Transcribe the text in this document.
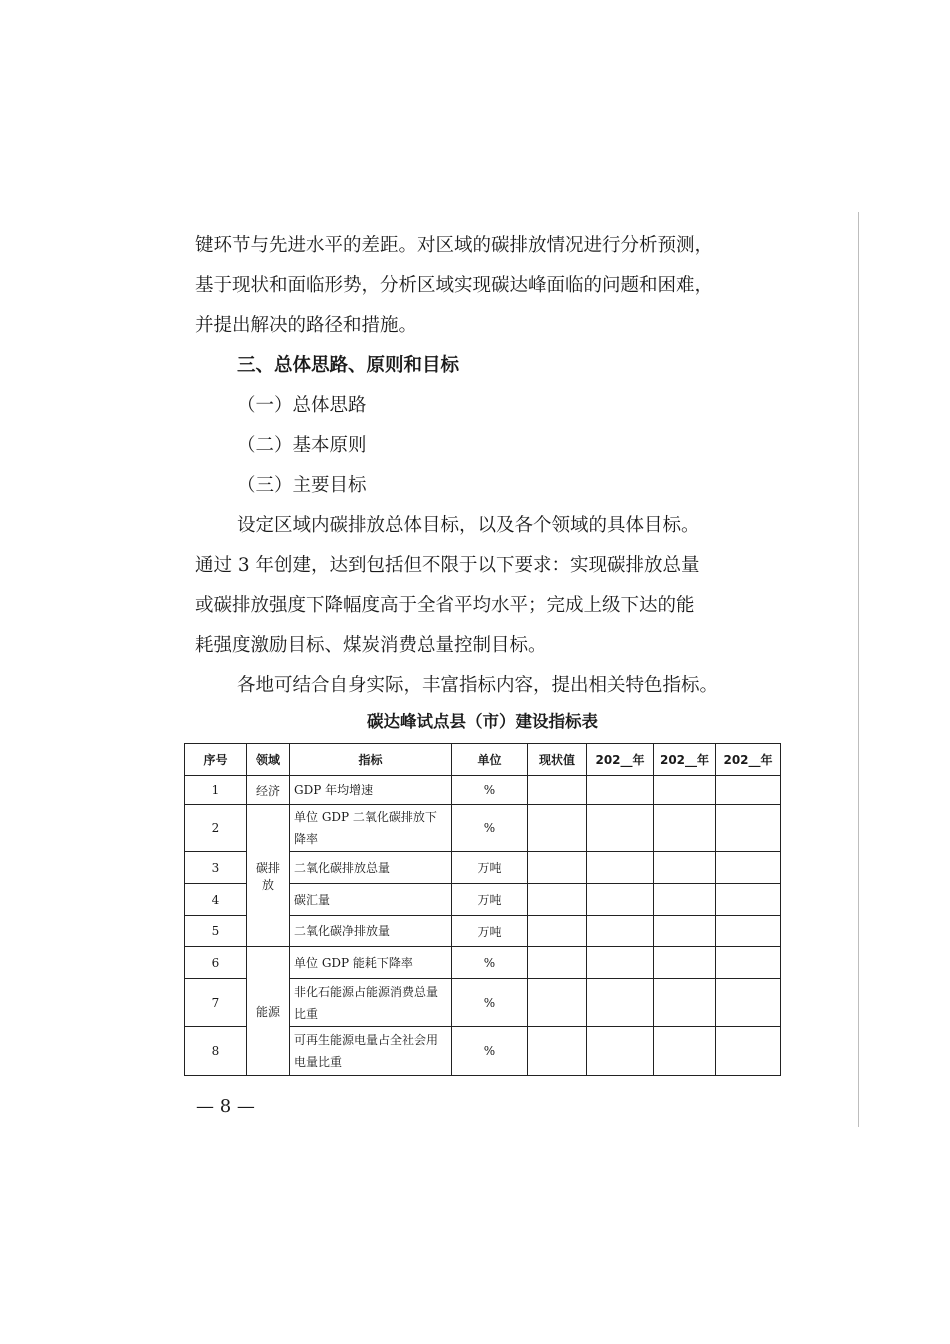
键环节与先进水平的差距。对区域的碳排放情况进行分析预测，

基于现状和面临形势，分析区域实现碳达峰面临的问题和困难，

并提出解决的路径和措施。

三、总体思路、原则和目标

（一）总体思路

（二）基本原则

（三）主要目标

设定区域内碳排放总体目标，以及各个领域的具体目标。

通过 3 年创建，达到包括但不限于以下要求：实现碳排放总量

或碳排放强度下降幅度高于全省平均水平；完成上级下达的能

耗强度激励目标、煤炭消费总量控制目标。

各地可结合自身实际，丰富指标内容，提出相关特色指标。

碳达峰试点县（市）建设指标表
序号	领域	指标	单位	现状值	202__年	202__年	202__年
1	经济	GDP 年均增速	%				
2	碳排放	单位 GDP 二氧化碳排放下降率	%				
3		二氧化碳排放总量	万吨				
4		碳汇量	万吨				
5		二氧化碳净排放量	万吨				
6	能源	单位 GDP 能耗下降率	%				
7		非化石能源占能源消费总量比重	%				
8		可再生能源电量占全社会用电量比重	%				
— 8 —
